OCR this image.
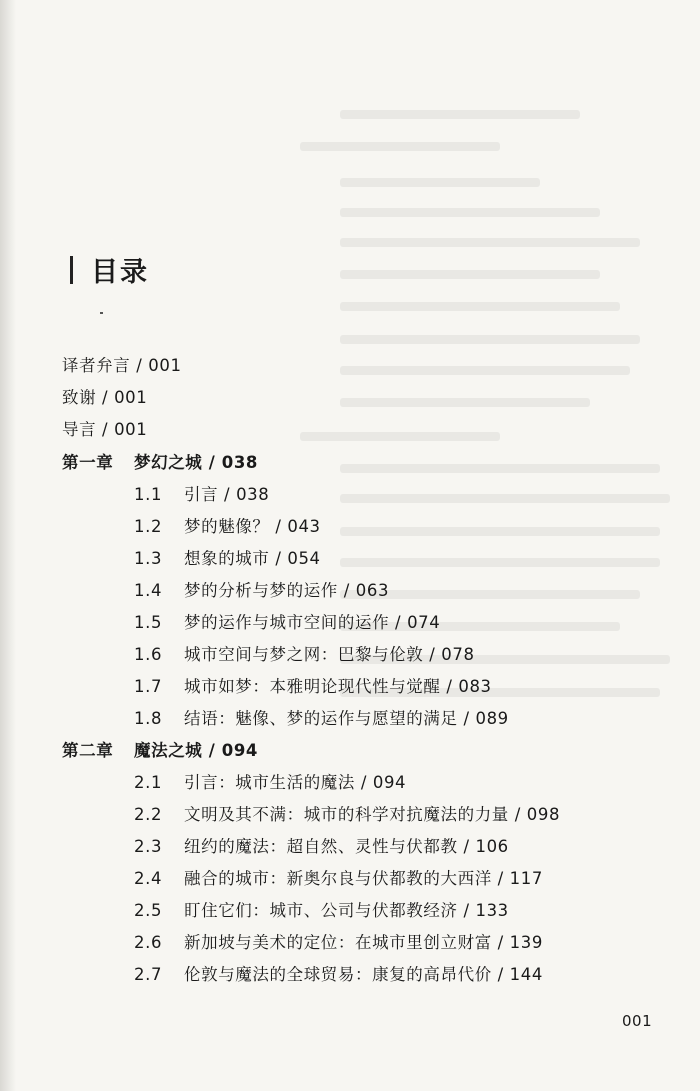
目录
译者弁言 / 001
致谢 / 001
导言 / 001
第一章 梦幻之城 / 038
1.1 引言 / 038
1.2 梦的魅像？ / 043
1.3 想象的城市 / 054
1.4 梦的分析与梦的运作 / 063
1.5 梦的运作与城市空间的运作 / 074
1.6 城市空间与梦之网：巴黎与伦敦 / 078
1.7 城市如梦：本雅明论现代性与觉醒 / 083
1.8 结语：魅像、梦的运作与愿望的满足 / 089
第二章 魔法之城 / 094
2.1 引言：城市生活的魔法 / 094
2.2 文明及其不满：城市的科学对抗魔法的力量 / 098
2.3 纽约的魔法：超自然、灵性与伏都教 / 106
2.4 融合的城市：新奥尔良与伏都教的大西洋 / 117
2.5 盯住它们：城市、公司与伏都教经济 / 133
2.6 新加坡与美术的定位：在城市里创立财富 / 139
2.7 伦敦与魔法的全球贸易：康复的高昂代价 / 144
001
